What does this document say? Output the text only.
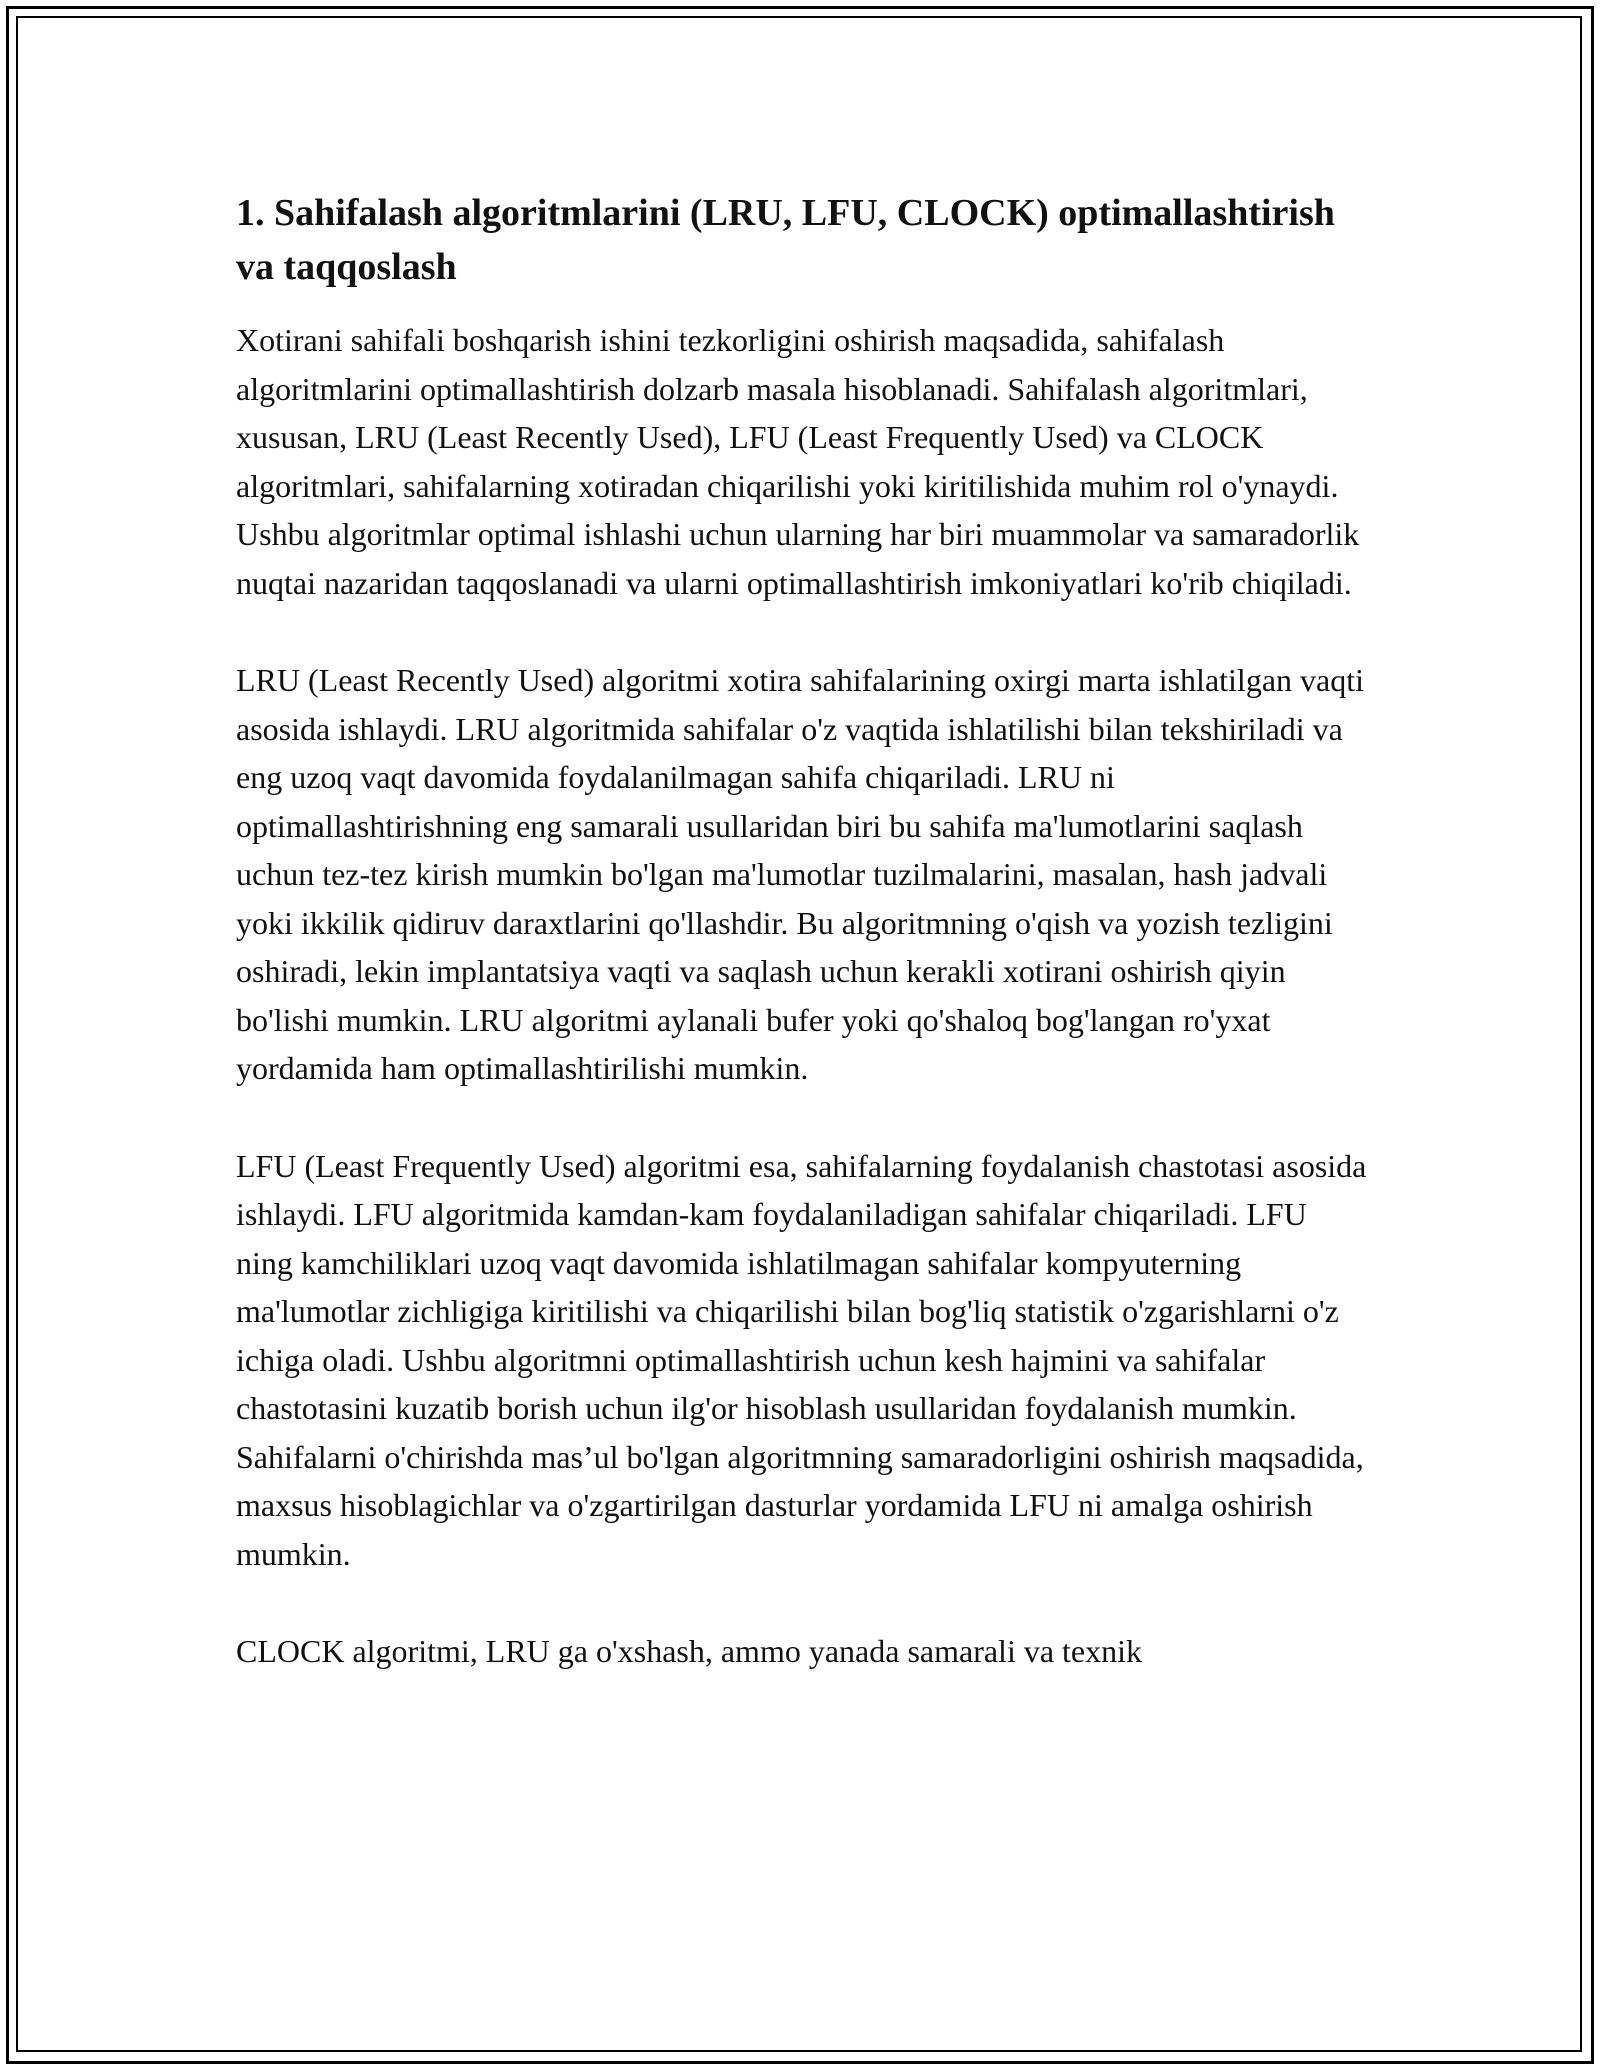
1. Sahifalash algoritmlarini (LRU, LFU, CLOCK) optimallashtirish va taqqoslash

Xotirani sahifali boshqarish ishini tezkorligini oshirish maqsadida, sahifalash algoritmlarini optimallashtirish dolzarb masala hisoblanadi. Sahifalash algoritmlari, xususan, LRU (Least Recently Used), LFU (Least Frequently Used) va CLOCK algoritmlari, sahifalarning xotiradan chiqarilishi yoki kiritilishida muhim rol o'ynaydi. Ushbu algoritmlar optimal ishlashi uchun ularning har biri muammolar va samaradorlik nuqtai nazaridan taqqoslanadi va ularni optimallashtirish imkoniyatlari ko'rib chiqiladi.

LRU (Least Recently Used) algoritmi xotira sahifalarining oxirgi marta ishlatilgan vaqti asosida ishlaydi. LRU algoritmida sahifalar o'z vaqtida ishlatilishi bilan tekshiriladi va eng uzoq vaqt davomida foydalanilmagan sahifa chiqariladi. LRU ni optimallashtirishning eng samarali usullaridan biri bu sahifa ma'lumotlarini saqlash uchun tez-tez kirish mumkin bo'lgan ma'lumotlar tuzilmalarini, masalan, hash jadvali yoki ikkilik qidiruv daraxtlarini qo'llashdir. Bu algoritmning o'qish va yozish tezligini oshiradi, lekin implantatsiya vaqti va saqlash uchun kerakli xotirani oshirish qiyin bo'lishi mumkin. LRU algoritmi aylanali bufer yoki qo'shaloq bog'langan ro'yxat yordamida ham optimallashtirilishi mumkin.

LFU (Least Frequently Used) algoritmi esa, sahifalarning foydalanish chastotasi asosida ishlaydi. LFU algoritmida kamdan-kam foydalaniladigan sahifalar chiqariladi. LFU ning kamchiliklari uzoq vaqt davomida ishlatilmagan sahifalar kompyuterning ma'lumotlar zichligiga kiritilishi va chiqarilishi bilan bog'liq statistik o'zgarishlarni o'z ichiga oladi. Ushbu algoritmni optimallashtirish uchun kesh hajmini va sahifalar chastotasini kuzatib borish uchun ilg'or hisoblash usullaridan foydalanish mumkin. Sahifalarni o'chirishda mas’ul bo'lgan algoritmning samaradorligini oshirish maqsadida, maxsus hisoblagichlar va o'zgartirilgan dasturlar yordamida LFU ni amalga oshirish mumkin.

CLOCK algoritmi, LRU ga o'xshash, ammo yanada samarali va texnik
